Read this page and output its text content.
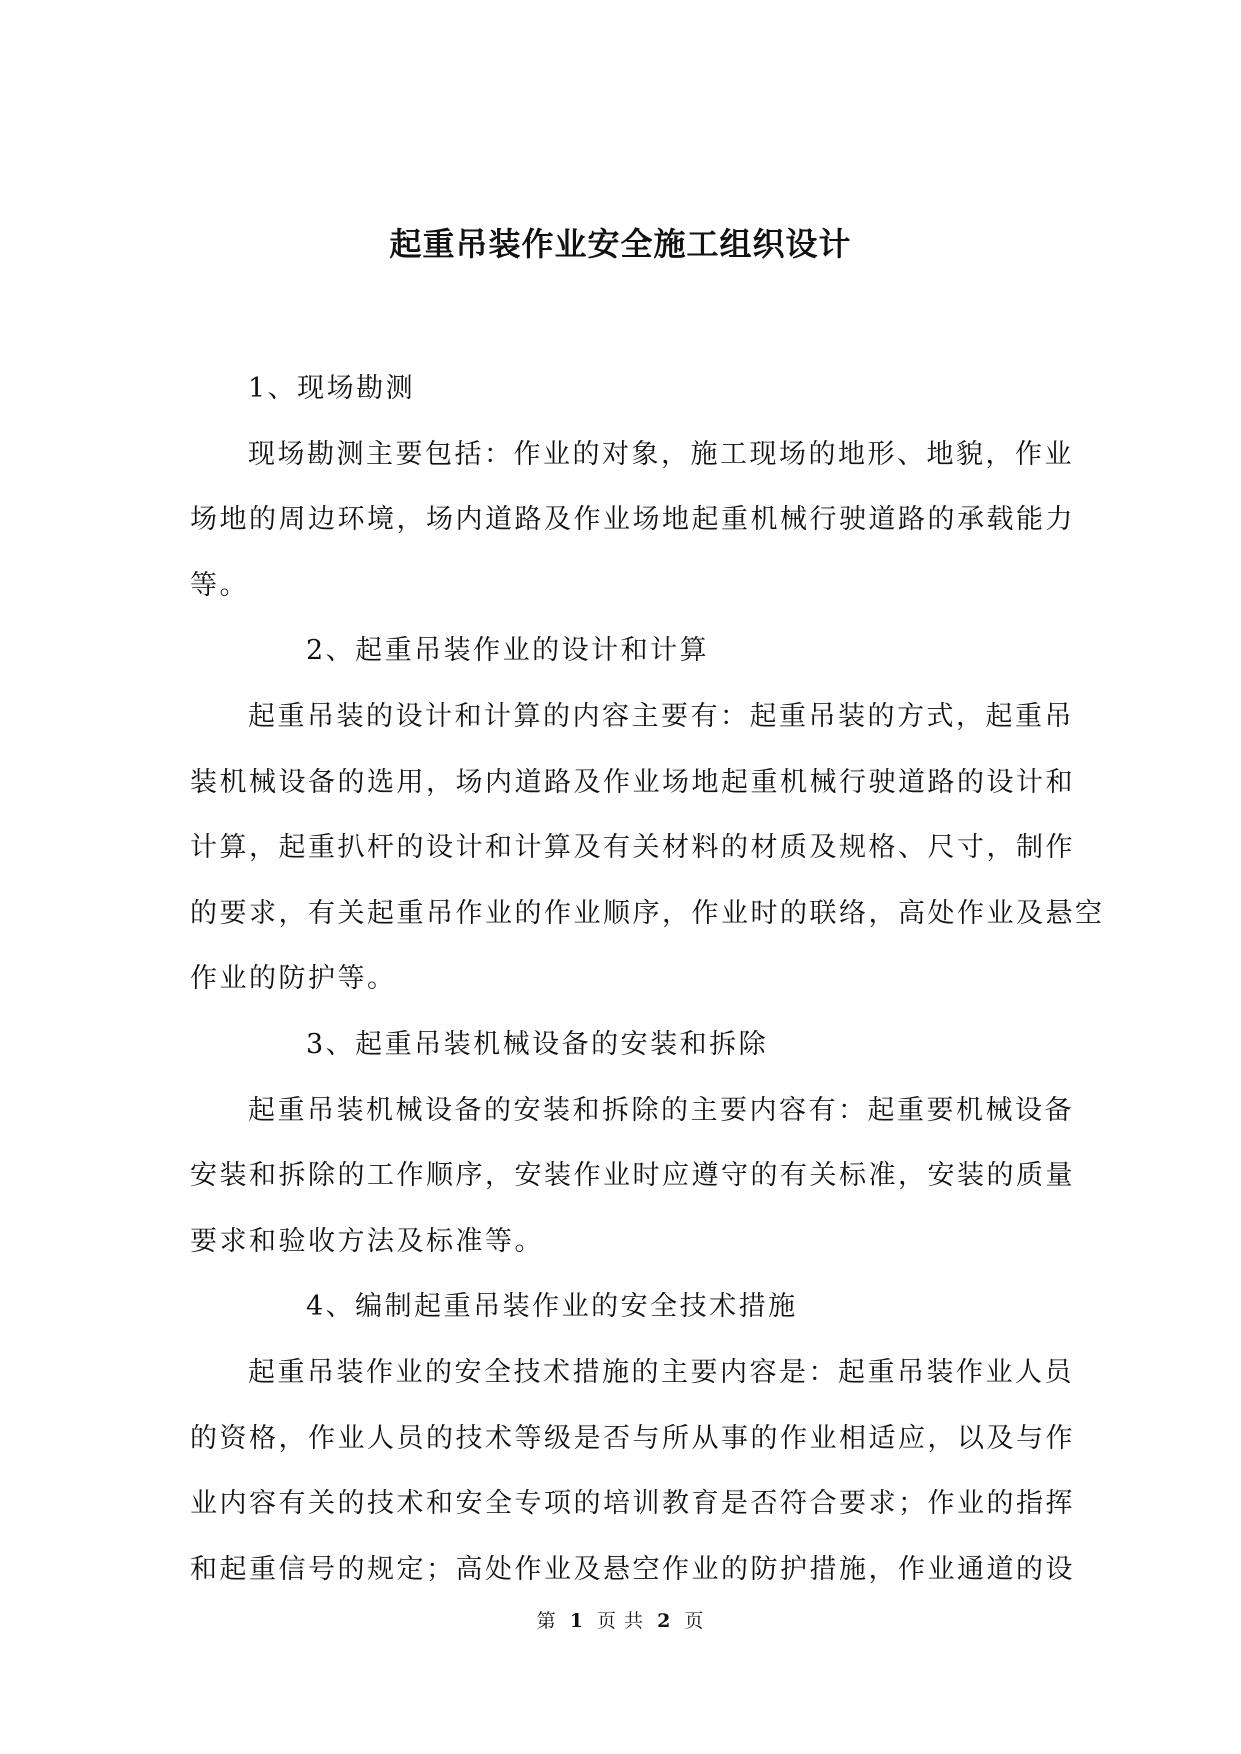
起重吊装作业安全施工组织设计
1、现场勘测
现场勘测主要包括：作业的对象，施工现场的地形、地貌，作业
场地的周边环境，场内道路及作业场地起重机械行驶道路的承载能力
等。
2、起重吊装作业的设计和计算
起重吊装的设计和计算的内容主要有：起重吊装的方式，起重吊
装机械设备的选用，场内道路及作业场地起重机械行驶道路的设计和
计算，起重扒杆的设计和计算及有关材料的材质及规格、尺寸，制作
的要求，有关起重吊作业的作业顺序，作业时的联络，高处作业及悬空
作业的防护等。
3、起重吊装机械设备的安装和拆除
起重吊装机械设备的安装和拆除的主要内容有：起重要机械设备
安装和拆除的工作顺序，安装作业时应遵守的有关标准，安装的质量
要求和验收方法及标准等。
4、编制起重吊装作业的安全技术措施
起重吊装作业的安全技术措施的主要内容是：起重吊装作业人员
的资格，作业人员的技术等级是否与所从事的作业相适应，以及与作
业内容有关的技术和安全专项的培训教育是否符合要求；作业的指挥
和起重信号的规定；高处作业及悬空作业的防护措施，作业通道的设
第 1 页 共 2 页
